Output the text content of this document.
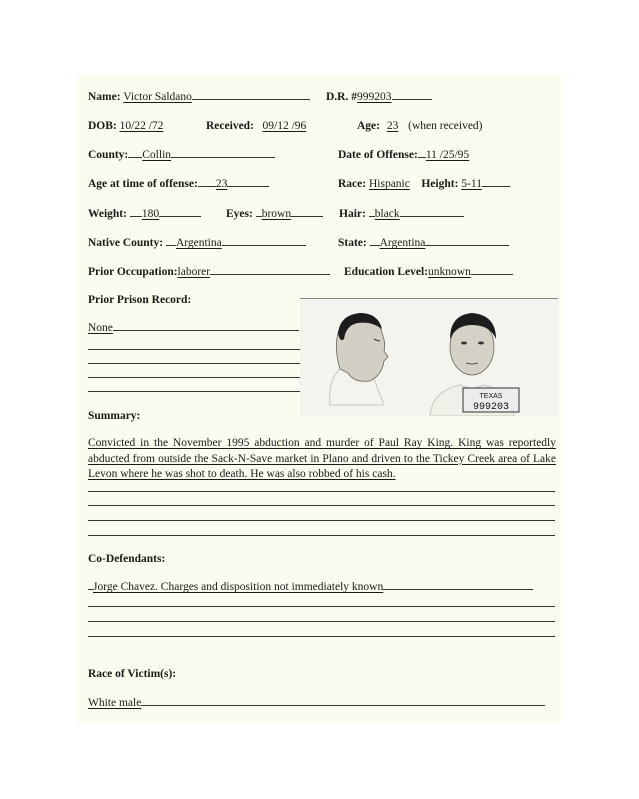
Name: Victor Saldano	D.R. #999203
DOB: 10/22 /72	Received: 09/12 /96	Age: 23 (when received)
County: Collin	Date of Offense: 11 /25/95
Age at time of offense: 23	Race: Hispanic Height: 5-11
Weight: 180	Eyes: brown	Hair: black
Native County: Argentina	State: Argentina
Prior Occupation:laborer	Education Level:unknown
Prior Prison Record:
None
TEXAS
999203
Summary:
Convicted in the November 1995 abduction and murder of Paul Ray King. King was reportedly abducted from outside the Sack-N-Save market in Plano and driven to the Tickey Creek area of Lake Levon where he was shot to death. He was also robbed of his cash.
Co-Defendants:
Jorge Chavez. Charges and disposition not immediately known
Race of Victim(s):
White male
